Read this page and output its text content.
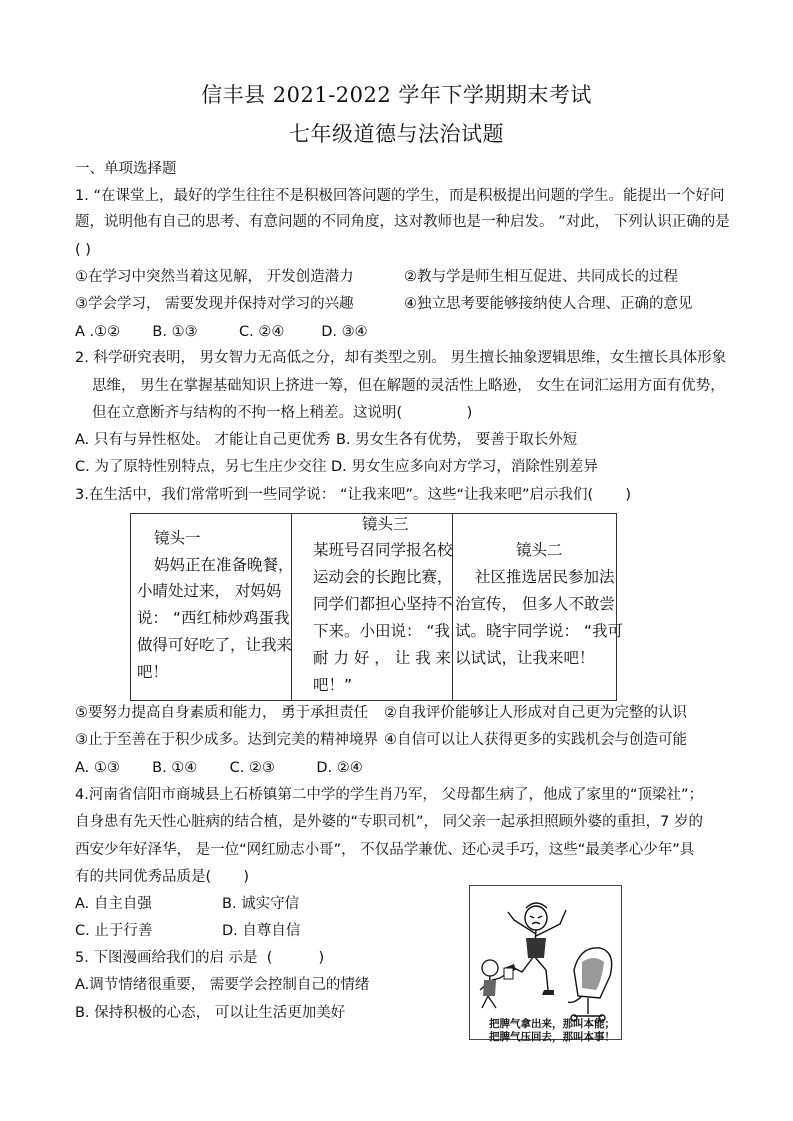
信丰县 2021-2022 学年下学期期末考试
七年级道德与法治试题
一、单项选择题
1. “在课堂上，最好的学生往往不是积极回答问题的学生，而是积极提出问题的学生。能提出一个好问
题，说明他有自己的思考、有意问题的不同角度，这对教师也是一种启发。 ”对此， 下列认识正确的是
( )
①在学习中突然当着这见解， 开发创造潜力	②教与学是师生相互促进、共同成长的过程
③学会学习， 需要发现并保持对学习的兴趣	④独立思考要能够接纳使人合理、正确的意见
A .①②       B. ①③         C. ②④        D. ③④
2. 科学研究表明， 男女智力无高低之分，却有类型之别。 男生擅长抽象逻辑思维，女生擅长具体形象
思维， 男生在掌握基础知识上挤进一筹，但在解题的灵活性上略逊， 女生在词汇运用方面有优势，
但在立意断齐与结构的不拘一格上稍差。这说明(              )
A. 只有与异性枢处。 才能让自己更优秀 B. 男女生各有优势， 要善于取长外短
C. 为了原特性别特点，另七生庄少交往 D. 男女生应多向对方学习，消除性别差异
3.在生活中，我们常常听到一些同学说： “让我来吧”。这些“让我来吧”启示我们(       )
镜头一
妈妈正在准备晚餐，
小晴处过来， 对妈妈
说： “西红柿炒鸡蛋我
做得可好吃了，让我来
吧！
镜头三
某班号召同学报名校
运动会的长跑比赛，
同学们都担心坚持不
下来。小田说： “我
耐 力 好 ， 让 我 来
吧！”
镜头二
社区推选居民参加法
治宣传， 但多人不敢尝
试。晓宇同学说： “我可
以试试，让我来吧！
⑤要努力提高自身素质和能力， 勇于承担责任 ②自我评价能够让人形成对自己更为完整的认识
③止于至善在于积少成多。达到完美的精神境界 ④自信可以让人获得更多的实践机会与创造可能
A. ①③       B. ①④       C. ②③         D. ②④
4.河南省信阳市商城县上石桥镇第二中学的学生肖乃军， 父母都生病了，他成了家里的“顶梁社”；
自身患有先天性心脏病的结合植，是外婆的“专职司机”， 同父亲一起承担照顾外婆的重担，7 岁的
西安少年好泽华， 是一位“网红励志小哥”， 不仅品学兼优、还心灵手巧，这些“最美孝心少年”具
有的共同优秀品质是(       )
A. 自主自强	B. 诚实守信
C. 止于行善	D. 自尊自信
5. 下图漫画给我们的启 示是  (          )
A.调节情绪很重要， 需要学会控制自己的情绪
B. 保持积极的心态， 可以让生活更加美好
把脾气拿出来，那叫本能；
把脾气压回去，那叫本事！
